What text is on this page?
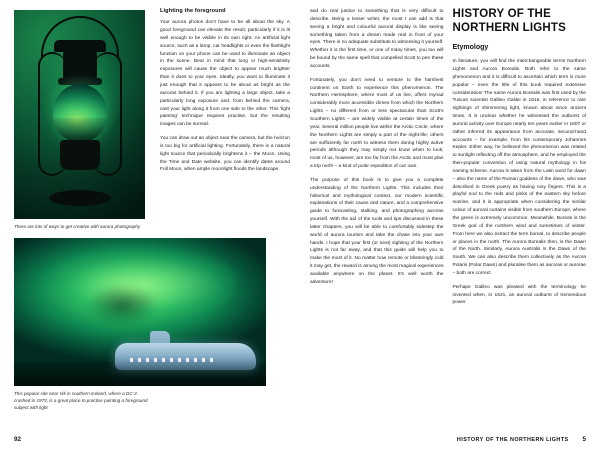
There are lots of ways to get creative with aurora photography
This popular site near Vik in southern Iceland, where a DC-3 crashed in 1973, is a great place to practise painting a foreground subject with light
92
Lighting the foreground

Your aurora photos don't have to be all about the sky. A good foreground can elevate the result, particularly if it is lit well enough to be visible in its own right. An artificial light source, such as a lamp, car headlights or even the flashlight function on your phone can be used to illuminate an object in the scene. Bear in mind that long or high-sensitivity exposures will cause the object to appear much brighter than it does to your eyes. Ideally, you want to illuminate it just enough that it appears to be about as bright as the auroras behind it. If you are lighting a large object, take a particularly long exposure and, from behind the camera, cast your light along it from one side to the other. This 'light painting' technique requires practise, but the resulting images can be surreal.

You can draw out an object near the camera, but the horizon is too big for artificial lighting. Fortunately, there is a natural light source that periodically brightens it – the Moon. Using the Time and Date website, you can identify dates around Full Moon, when ample moonlight floods the landscape.

and do real justice to something that is very difficult to describe. Being a lesser writer, the most I can add is that seeing a bright and colourful auroral display is like seeing something taken from a dream made real in front of your eyes. There is no adequate substitute to witnessing it yourself. Whether it is the first time, or one of many times, you too will be bound by the same spell that compelled Scott to pen these accounts.

Fortunately, you don't need to venture to the harshest continent on Earth to experience this phenomenon. The Northern Hemisphere, where most of us live, offers myriad considerably more accessible climes from which the Northern Lights – no different from or less spectacular than Scott's Southern Lights – are widely visible at certain times of the year. Several million people live within the Arctic Circle, where the Northern Lights are simply a part of the night-life; others are sufficiently far north to witness them during highly active periods although they may simply not know when to look; most of us, however, are too far from the Arctic and must plan a trip north – a kind of polar expedition of our own.

The purpose of this book is to give you a complete understanding of the Northern Lights. This includes their historical and mythological context, our modern scientific explanations of their cause and nature, and a comprehensive guide to forecasting, stalking, and photographing auroras yourself. With the aid of the tools and tips discussed in these latter chapters, you will be able to comfortably sidestep the world of aurora tourism and take the chase into your own hands. I hope that your first (or next) sighting of the Northern Lights is not far away, and that this guide will help you to make the most of it. No matter how remote or blisteringly cold it may get, the reward is among the most magical experiences available anywhere on the planet. It's well worth the adventure!

HISTORY OF THE NORTHERN LIGHTS
Etymology

In literature, you will find the interchangeable terms Northern Lights and Aurora Borealis. Both refer to the same phenomenon and it is difficult to ascertain which term is more popular – even the title of this book required extensive consideration! The name Aurora Borealis was first used by the Tuscan scientist Galileo Galilei in 1616, in reference to rare sightings of shimmering light, known about since ancient times. It is unclear whether he witnessed the outburst of auroral activity over Europe nearly ten years earlier in 1607 or rather inferred its appearance from accurate, second-hand accounts – for example, from his contemporary Johannes Kepler. Either way, he believed the phenomenon was related to sunlight reflecting off the atmosphere, and he employed the then-popular convention of using natural mythology in his naming scheme. Aurora is taken from the Latin word for dawn – also the name of the Roman goddess of the dawn, who was described in Greek poetry as having rosy fingers. This is a playful nod to the reds and pinks of the eastern sky before sunrise, and it is appropriate when considering the similar colour of auroral curtains visible from southern Europe, where the green is extremely uncommon. Meanwhile, Boreas is the Greek god of the northern wind and sometimes of winter. From here we also extract the term boreal, to describe people or places in the north. The Aurora Borealis then, is the Dawn of the North. Similarly, Aurora Australis is the Dawn of the South. We can also describe them collectively as the Aurora Polaris (Polar Dawn) and pluralise them as auroras or aurorae – both are correct.

Perhaps Galileo was pleased with the terminology he invented when, in 1621, an auroral outburst of tremendous power

HISTORY OF THE NORTHERN LIGHTS 5
